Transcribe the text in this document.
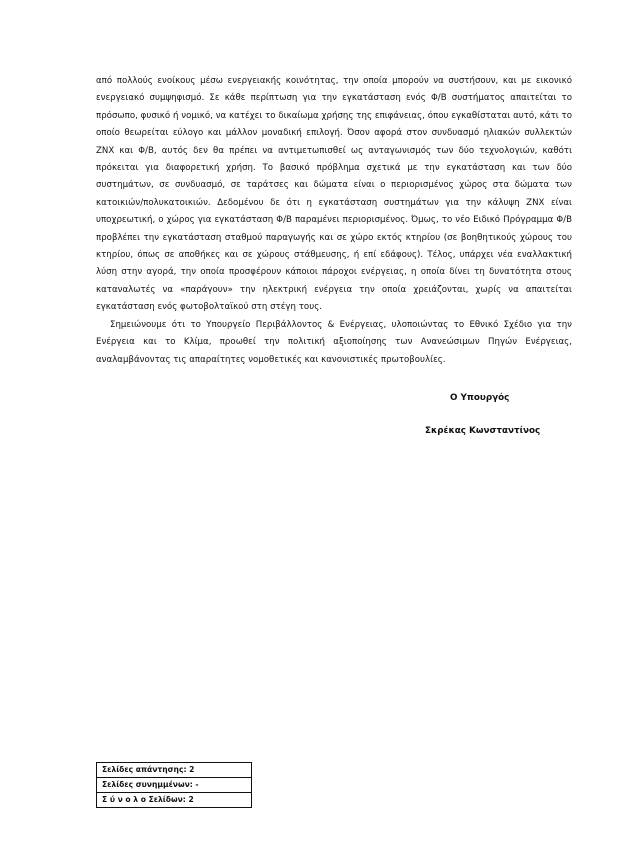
από πολλούς ενοίκους μέσω ενεργειακής κοινότητας, την οποία μπορούν να συστήσουν, και με εικονικό ενεργειακό συμψηφισμό. Σε κάθε περίπτωση για την εγκατάσταση ενός Φ/Β συστήματος απαιτείται το πρόσωπο, φυσικό ή νομικό, να κατέχει το δικαίωμα χρήσης της επιφάνειας, όπου εγκαθίσταται αυτό, κάτι το οποίο θεωρείται εύλογο και μάλλον μοναδική επιλογή. Όσον αφορά στον συνδυασμό ηλιακών συλλεκτών ΖΝΧ και Φ/Β, αυτός δεν θα πρέπει να αντιμετωπισθεί ως ανταγωνισμός των δύο τεχνολογιών, καθότι πρόκειται για διαφορετική χρήση. Το βασικό πρόβλημα σχετικά με την εγκατάσταση και των δύο συστημάτων, σε συνδυασμό, σε ταράτσες και δώματα είναι ο περιορισμένος χώρος στα δώματα των κατοικιών/πολυκατοικιών. Δεδομένου δε ότι η εγκατάσταση συστημάτων για την κάλυψη ΖΝΧ είναι υποχρεωτική, ο χώρος για εγκατάσταση Φ/Β παραμένει περιορισμένος. Όμως, το νέο Ειδικό Πρόγραμμα Φ/Β προβλέπει την εγκατάσταση σταθμού παραγωγής και σε χώρο εκτός κτηρίου (σε βοηθητικούς χώρους του κτηρίου, όπως σε αποθήκες και σε χώρους στάθμευσης, ή επί εδάφους). Τέλος, υπάρχει νέα εναλλακτική λύση στην αγορά, την οποία προσφέρουν κάποιοι πάροχοι ενέργειας, η οποία δίνει τη δυνατότητα στους καταναλωτές να «παράγουν» την ηλεκτρική ενέργεια την οποία χρειάζονται, χωρίς να απαιτείται εγκατάσταση ενός φωτοβολταϊκού στη στέγη τους.

Σημειώνουμε ότι το Υπουργείο Περιβάλλοντος & Ενέργειας, υλοποιώντας το Εθνικό Σχέδιο για την Ενέργεια και το Κλίμα, προωθεί την πολιτική αξιοποίησης των Ανανεώσιμων Πηγών Ενέργειας, αναλαμβάνοντας τις απαραίτητες νομοθετικές και κανονιστικές πρωτοβουλίες.

Ο Υπουργός
Σκρέκας Κωνσταντίνος
Σελίδες απάντησης: 2
Σελίδες συνημμένων: -
Σ ύ ν ο λ ο Σελίδων: 2
